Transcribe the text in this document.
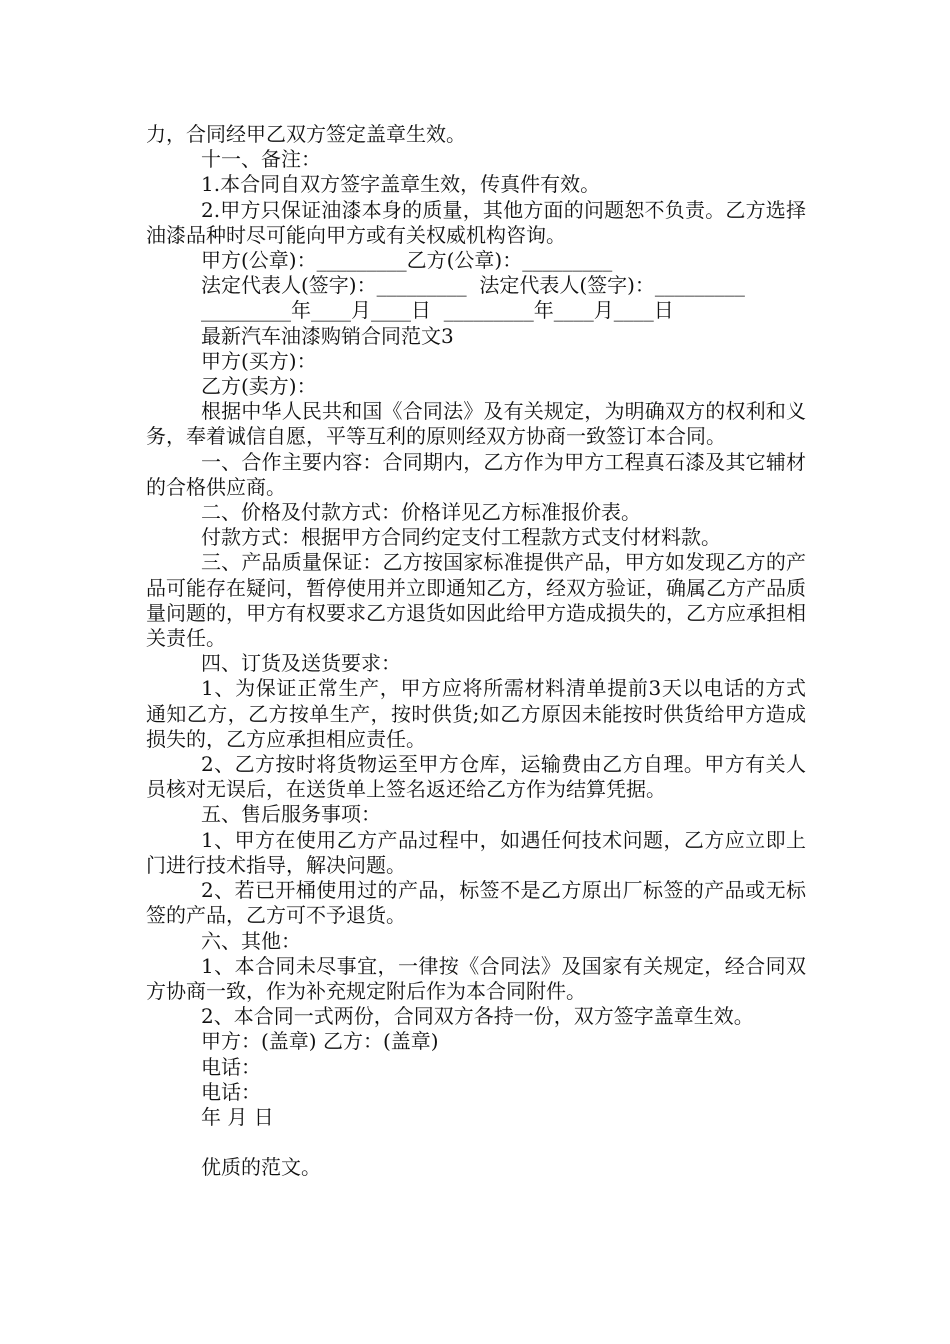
力，合同经甲乙双方签定盖章生效。

十一、备注：

1.本合同自双方签字盖章生效，传真件有效。

2.甲方只保证油漆本身的质量，其他方面的问题恕不负责。乙方选择油漆品种时尽可能向甲方或有关权威机构咨询。

甲方(公章)：_________乙方(公章)：_________

法定代表人(签字)：_________  法定代表人(签字)：_________

_________年____月____日  _________年____月____日

最新汽车油漆购销合同范文3

甲方(买方)：

乙方(卖方)：

根据中华人民共和国《合同法》及有关规定，为明确双方的权利和义务，奉着诚信自愿，平等互利的原则经双方协商一致签订本合同。

一、合作主要内容：合同期内，乙方作为甲方工程真石漆及其它辅材的合格供应商。

二、价格及付款方式：价格详见乙方标准报价表。

付款方式：根据甲方合同约定支付工程款方式支付材料款。

三、产品质量保证：乙方按国家标准提供产品，甲方如发现乙方的产品可能存在疑问，暂停使用并立即通知乙方，经双方验证，确属乙方产品质量问题的，甲方有权要求乙方退货如因此给甲方造成损失的，乙方应承担相关责任。

四、订货及送货要求：

1、为保证正常生产，甲方应将所需材料清单提前3天以电话的方式通知乙方，乙方按单生产，按时供货;如乙方原因未能按时供货给甲方造成损失的，乙方应承担相应责任。

2、乙方按时将货物运至甲方仓库，运输费由乙方自理。甲方有关人员核对无误后，在送货单上签名返还给乙方作为结算凭据。

五、售后服务事项：

1、甲方在使用乙方产品过程中，如遇任何技术问题，乙方应立即上门进行技术指导，解决问题。

2、若已开桶使用过的产品，标签不是乙方原出厂标签的产品或无标签的产品，乙方可不予退货。

六、其他：

1、本合同未尽事宜，一律按《合同法》及国家有关规定，经合同双方协商一致，作为补充规定附后作为本合同附件。

2、本合同一式两份，合同双方各持一份，双方签字盖章生效。

甲方：(盖章) 乙方：(盖章)

电话：

电话：

年 月 日

优质的范文。
